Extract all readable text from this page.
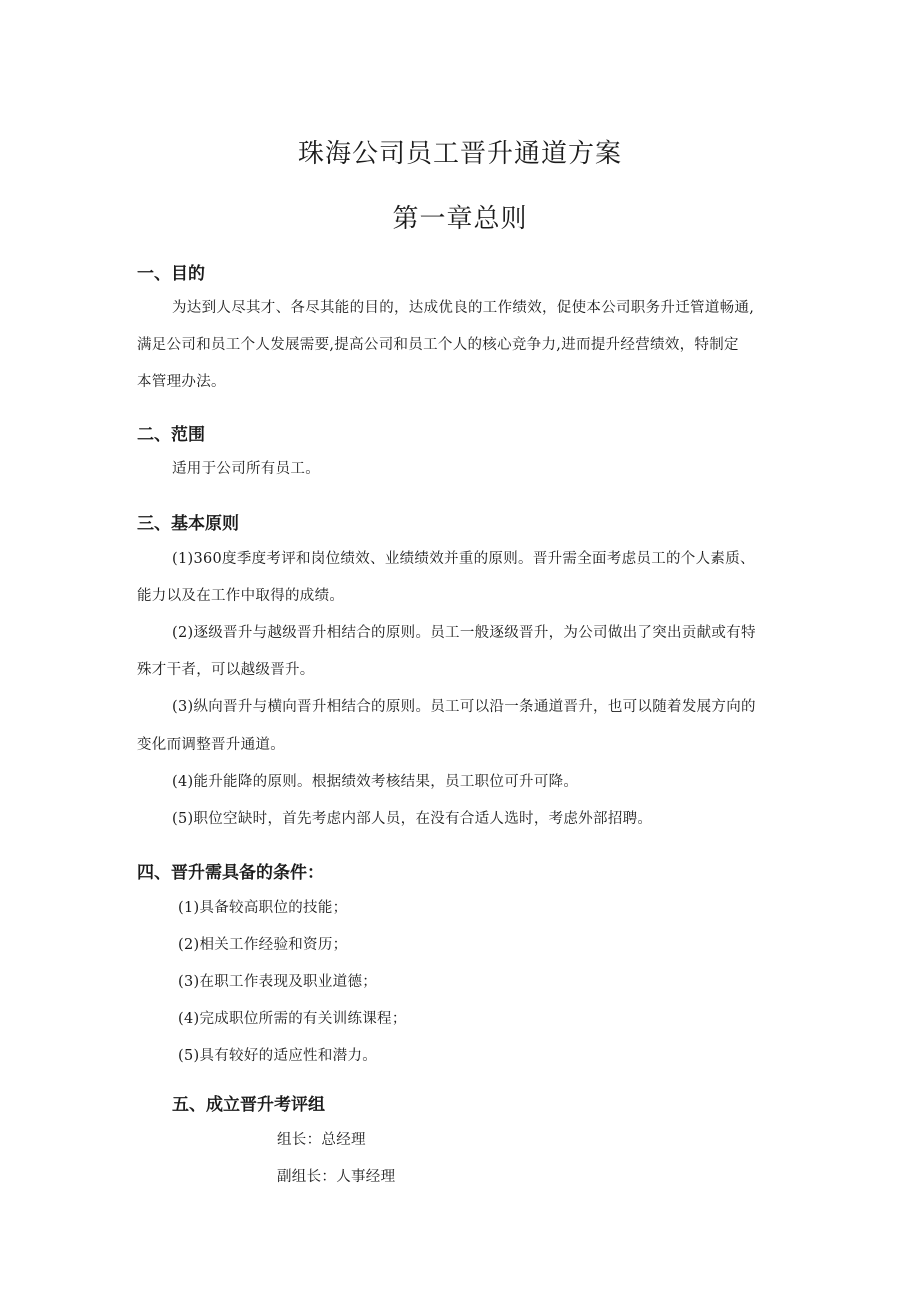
珠海公司员工晋升通道方案
第一章总则
一、目的
为达到人尽其才、各尽其能的目的，达成优良的工作绩效，促使本公司职务升迁管道畅通,
满足公司和员工个人发展需要,提高公司和员工个人的核心竞争力,进而提升经营绩效，特制定
本管理办法。
二、范围
适用于公司所有员工。
三、基本原则
(1)360度季度考评和岗位绩效、业绩绩效并重的原则。晋升需全面考虑员工的个人素质、
能力以及在工作中取得的成绩。
(2)逐级晋升与越级晋升相结合的原则。员工一般逐级晋升，为公司做出了突出贡献或有特
殊才干者，可以越级晋升。
(3)纵向晋升与横向晋升相结合的原则。员工可以沿一条通道晋升，也可以随着发展方向的
变化而调整晋升通道。
(4)能升能降的原则。根据绩效考核结果，员工职位可升可降。
(5)职位空缺时，首先考虑内部人员，在没有合适人选时，考虑外部招聘。
四、晋升需具备的条件：
(1)具备较高职位的技能；
(2)相关工作经验和资历；
(3)在职工作表现及职业道德；
(4)完成职位所需的有关训练课程；
(5)具有较好的适应性和潜力。
五、成立晋升考评组
组长：总经理
副组长：人事经理
